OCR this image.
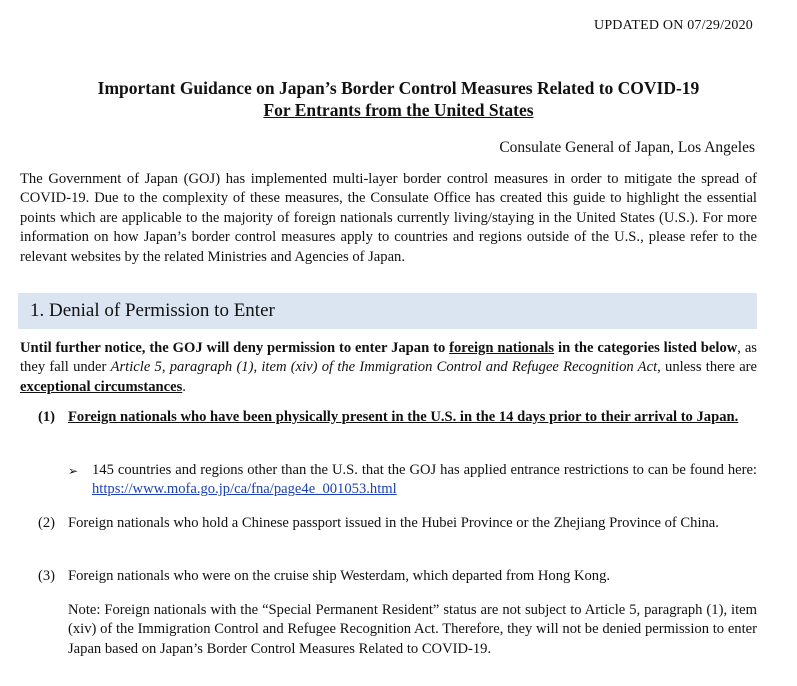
UPDATED ON 07/29/2020
Important Guidance on Japan’s Border Control Measures Related to COVID-19
For Entrants from the United States
Consulate General of Japan, Los Angeles
The Government of Japan (GOJ) has implemented multi-layer border control measures in order to mitigate the spread of COVID-19. Due to the complexity of these measures, the Consulate Office has created this guide to highlight the essential points which are applicable to the majority of foreign nationals currently living/staying in the United States (U.S.). For more information on how Japan’s border control measures apply to countries and regions outside of the U.S., please refer to the relevant websites by the related Ministries and Agencies of Japan.
1. Denial of Permission to Enter
Until further notice, the GOJ will deny permission to enter Japan to foreign nationals in the categories listed below, as they fall under Article 5, paragraph (1), item (xiv) of the Immigration Control and Refugee Recognition Act, unless there are exceptional circumstances.
(1) Foreign nationals who have been physically present in the U.S. in the 14 days prior to their arrival to Japan.
➢ 145 countries and regions other than the U.S. that the GOJ has applied entrance restrictions to can be found here: https://www.mofa.go.jp/ca/fna/page4e_001053.html
(2) Foreign nationals who hold a Chinese passport issued in the Hubei Province or the Zhejiang Province of China.
(3) Foreign nationals who were on the cruise ship Westerdam, which departed from Hong Kong.
Note: Foreign nationals with the “Special Permanent Resident” status are not subject to Article 5, paragraph (1), item (xiv) of the Immigration Control and Refugee Recognition Act. Therefore, they will not be denied permission to enter Japan based on Japan’s Border Control Measures Related to COVID-19.
